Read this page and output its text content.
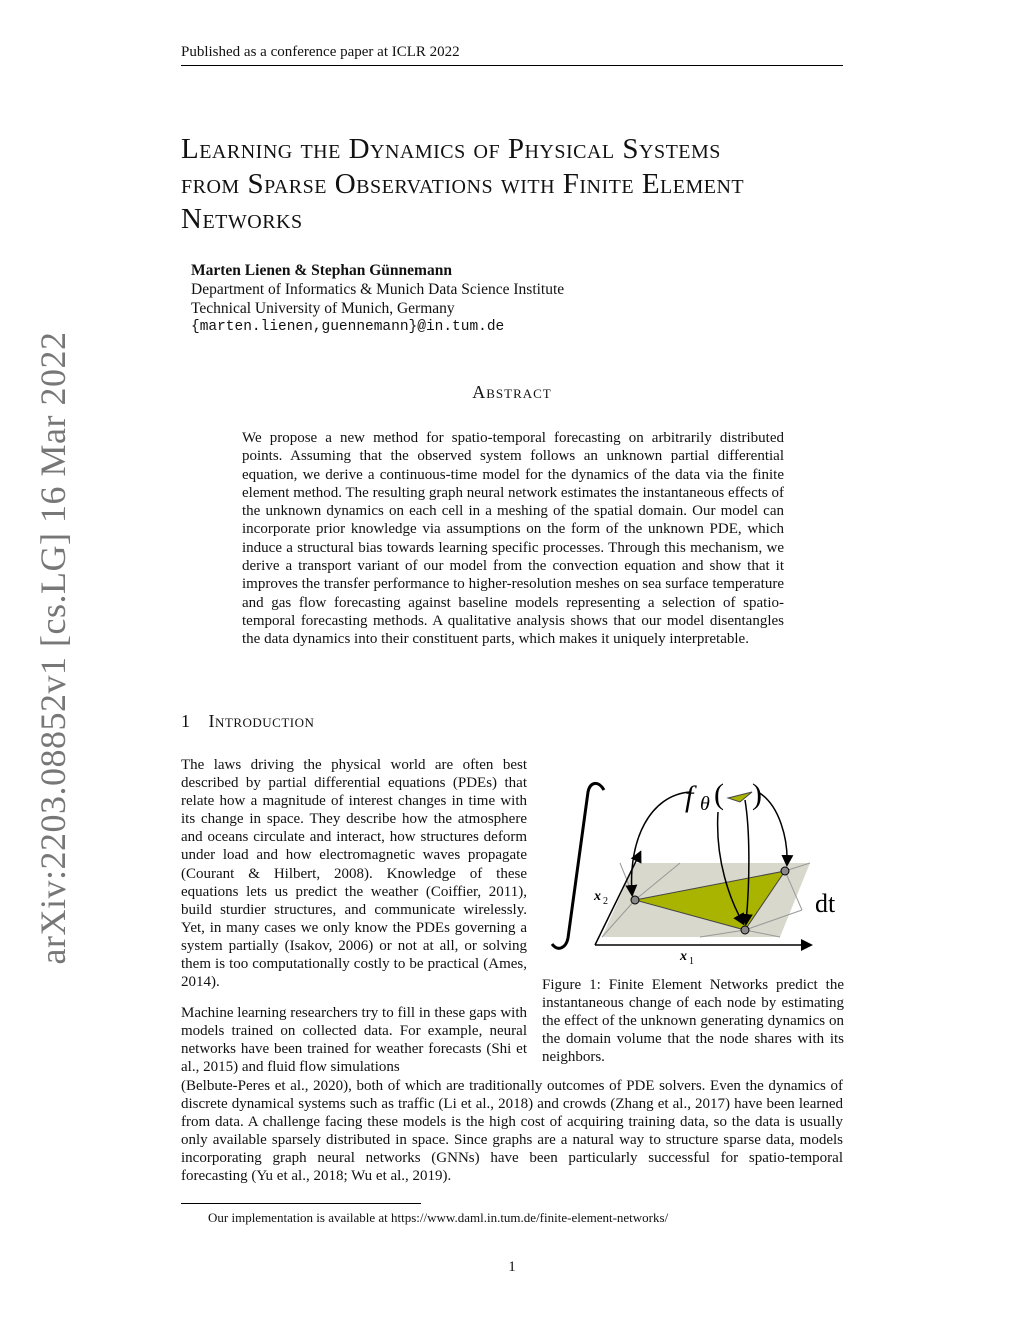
Published as a conference paper at ICLR 2022
arXiv:2203.08852v1 [cs.LG] 16 Mar 2022
Learning the Dynamics of Physical Systems
from Sparse Observations with Finite Element
Networks
Marten Lienen & Stephan Günnemann
Department of Informatics & Munich Data Science Institute
Technical University of Munich, Germany
{marten.lienen,guennemann}@in.tum.de
Abstract
We propose a new method for spatio-temporal forecasting on arbitrarily distributed points. Assuming that the observed system follows an unknown partial differential equation, we derive a continuous-time model for the dynamics of the data via the finite element method. The resulting graph neural network estimates the instantaneous effects of the unknown dynamics on each cell in a meshing of the spatial domain. Our model can incorporate prior knowledge via assumptions on the form of the unknown PDE, which induce a structural bias towards learning specific processes. Through this mechanism, we derive a transport variant of our model from the convection equation and show that it improves the transfer performance to higher-resolution meshes on sea surface temperature and gas flow forecasting against baseline models representing a selection of spatio-temporal forecasting methods. A qualitative analysis shows that our model disentangles the data dynamics into their constituent parts, which makes it uniquely interpretable.
1 Introduction
The laws driving the physical world are often best described by partial differential equations (PDEs) that relate how a magnitude of interest changes in time with its change in space. They describe how the atmosphere and oceans circulate and interact, how structures deform under load and how electromagnetic waves propagate (Courant & Hilbert, 2008). Knowledge of these equations lets us predict the weather (Coiffier, 2011), build sturdier structures, and communicate wirelessly. Yet, in many cases we only know the PDEs governing a system partially (Isakov, 2006) or not at all, or solving them is too computationally costly to be practical (Ames, 2014).
Machine learning researchers try to fill in these gaps with models trained on collected data. For example, neural networks have been trained for weather forecasts (Shi et al., 2015) and fluid flow simulations
(Belbute-Peres et al., 2020), both of which are traditionally outcomes of PDE solvers. Even the dynamics of discrete dynamical systems such as traffic (Li et al., 2018) and crowds (Zhang et al., 2017) have been learned from data. A challenge facing these models is the high cost of acquiring training data, so the data is usually only available sparsely distributed in space. Since graphs are a natural way to structure sparse data, models incorporating graph neural networks (GNNs) have been particularly successful for spatio-temporal forecasting (Yu et al., 2018; Wu et al., 2019).
f θ ( )
dt
x 2
x 1
Figure 1: Finite Element Networks predict the instantaneous change of each node by estimating the effect of the unknown generating dynamics on the domain volume that the node shares with its neighbors.
Our implementation is available at https://www.daml.in.tum.de/finite-element-networks/
1
